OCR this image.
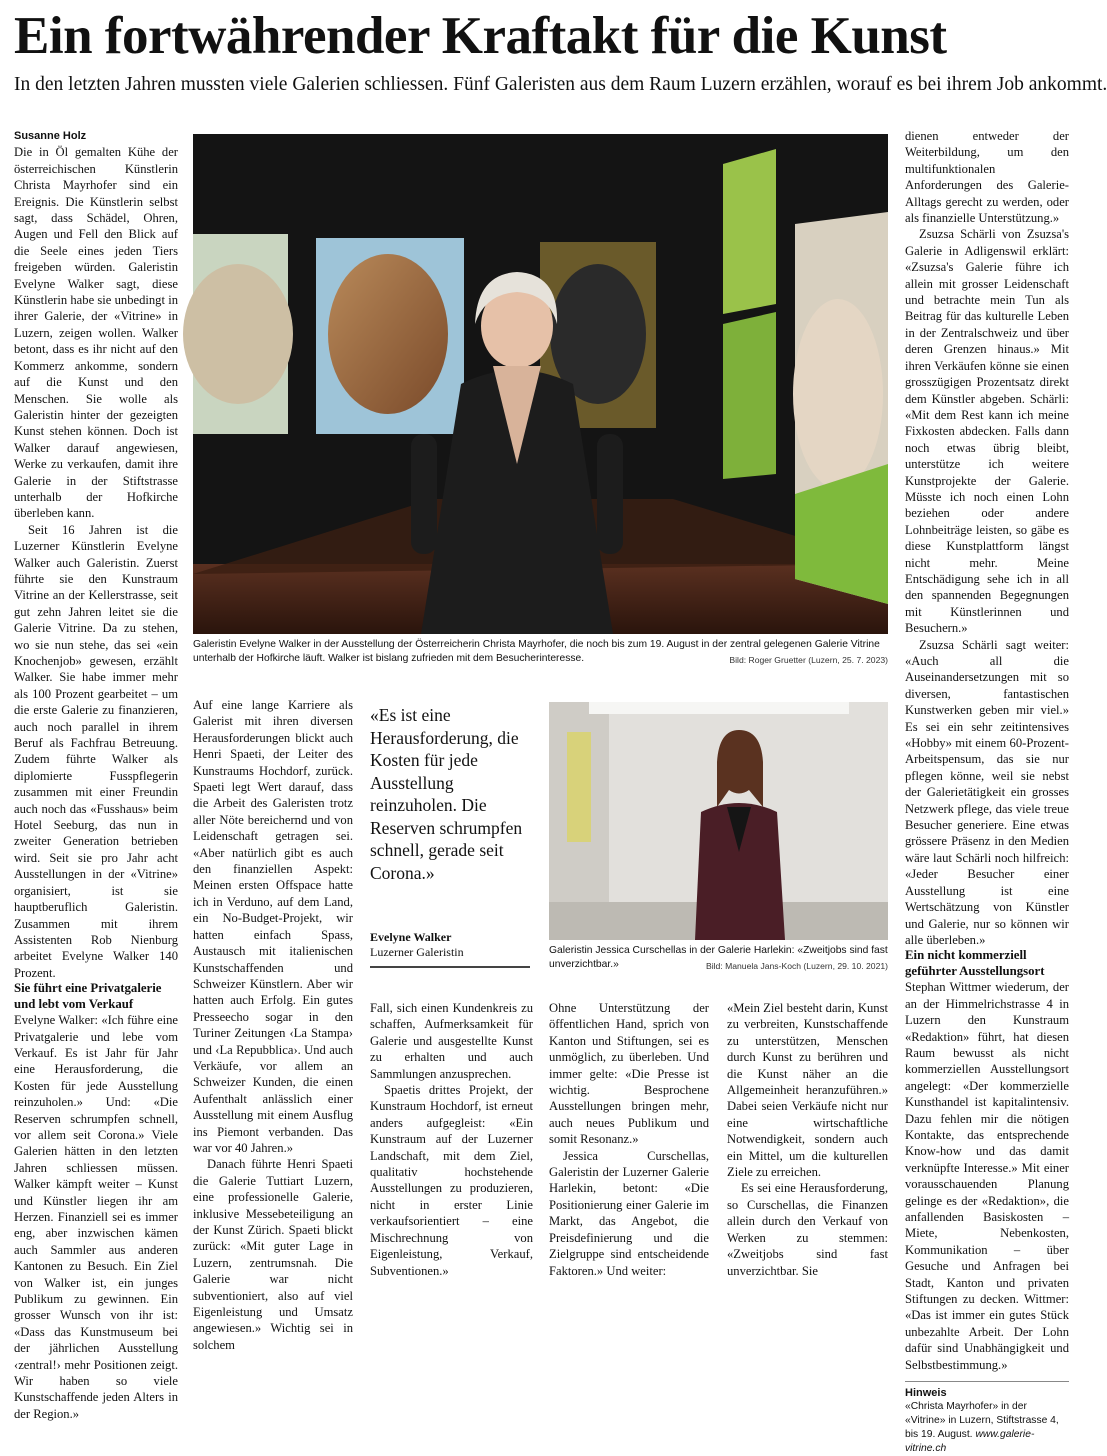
Ein fortwährender Kraftakt für die Kunst

In den letzten Jahren mussten viele Galerien schliessen. Fünf Galeristen aus dem Raum Luzern erzählen, worauf es bei ihrem Job ankommt.

Susanne Holz

Die in Öl gemalten Kühe der österreichischen Künstlerin Christa Mayrhofer sind ein Ereignis. Die Künstlerin selbst sagt, dass Schädel, Ohren, Augen und Fell den Blick auf die Seele eines jeden Tiers freigeben würden. Galeristin Evelyne Walker sagt, diese Künstlerin habe sie unbedingt in ihrer Galerie, der «Vitrine» in Luzern, zeigen wollen. Walker betont, dass es ihr nicht auf den Kommerz ankomme, sondern auf die Kunst und den Menschen. Sie wolle als Galeristin hinter der gezeigten Kunst stehen können. Doch ist Walker darauf angewiesen, Werke zu verkaufen, damit ihre Galerie in der Stiftstrasse unterhalb der Hofkirche überleben kann.

Seit 16 Jahren ist die Luzerner Künstlerin Evelyne Walker auch Galeristin. Zuerst führte sie den Kunstraum Vitrine an der Kellerstrasse, seit gut zehn Jahren leitet sie die Galerie Vitrine. Da zu stehen, wo sie nun stehe, das sei «ein Knochenjob» gewesen, erzählt Walker. Sie habe immer mehr als 100 Prozent gearbeitet – um die erste Galerie zu finanzieren, auch noch parallel in ihrem Beruf als Fachfrau Betreuung. Zudem führte Walker als diplomierte Fusspflegerin zusammen mit einer Freundin auch noch das «Fusshaus» beim Hotel Seeburg, das nun in zweiter Generation betrieben wird. Seit sie pro Jahr acht Ausstellungen in der «Vitrine» organisiert, ist sie hauptberuflich Galeristin. Zusammen mit ihrem Assistenten Rob Nienburg arbeitet Evelyne Walker 140 Prozent.

Sie führt eine Privatgalerie und lebt vom Verkauf

Evelyne Walker: «Ich führe eine Privatgalerie und lebe vom Verkauf. Es ist Jahr für Jahr eine Herausforderung, die Kosten für jede Ausstellung reinzuholen.» Und: «Die Reserven schrumpfen schnell, vor allem seit Corona.» Viele Galerien hätten in den letzten Jahren schliessen müssen. Walker kämpft weiter – Kunst und Künstler liegen ihr am Herzen. Finanziell sei es immer eng, aber inzwischen kämen auch Sammler aus anderen Kantonen zu Besuch. Ein Ziel von Walker ist, ein junges Publikum zu gewinnen. Ein grosser Wunsch von ihr ist: «Dass das Kunstmuseum bei der jährlichen Ausstellung ‹zentral!› mehr Positionen zeigt. Wir haben so viele Kunstschaffende jeden Alters in der Region.»

Galeristin Evelyne Walker in der Ausstellung der Österreicherin Christa Mayrhofer, die noch bis zum 19. August in der zentral gelegenen Galerie Vitrine unterhalb der Hofkirche läuft. Walker ist bislang zufrieden mit dem Besucherinteresse.	Bild: Roger Gruetter (Luzern, 25. 7. 2023)

Auf eine lange Karriere als Galerist mit ihren diversen Herausforderungen blickt auch Henri Spaeti, der Leiter des Kunstraums Hochdorf, zurück. Spaeti legt Wert darauf, dass die Arbeit des Galeristen trotz aller Nöte bereichernd und von Leidenschaft getragen sei. «Aber natürlich gibt es auch den finanziellen Aspekt: Meinen ersten Offspace hatte ich in Verduno, auf dem Land, ein No-Budget-Projekt, wir hatten einfach Spass, Austausch mit italienischen Kunstschaffenden und Schweizer Künstlern. Aber wir hatten auch Erfolg. Ein gutes Presseecho sogar in den Turiner Zeitungen ‹La Stampa› und ‹La Repubblica›. Und auch Verkäufe, vor allem an Schweizer Kunden, die einen Aufenthalt anlässlich einer Ausstellung mit einem Ausflug ins Piemont verbanden. Das war vor 40 Jahren.»

Danach führte Henri Spaeti die Galerie Tuttiart Luzern, eine professionelle Galerie, inklusive Messebeteiligung an der Kunst Zürich. Spaeti blickt zurück: «Mit guter Lage in Luzern, zentrumsnah. Die Galerie war nicht subventioniert, also auf viel Eigenleistung und Umsatz angewiesen.» Wichtig sei in solchem

«Es ist eine Herausforderung, die Kosten für jede Ausstellung reinzuholen. Die Reserven schrumpfen schnell, gerade seit Corona.»

Evelyne Walker
Luzerner Galeristin	Galeristin Jessica Curschellas in der Galerie Harlekin: «Zweitjobs sind fast unverzichtbar.»	Bild: Manuela Jans-Koch (Luzern, 29. 10. 2021)

Fall, sich einen Kundenkreis zu schaffen, Aufmerksamkeit für Galerie und ausgestellte Kunst zu erhalten und auch Sammlungen anzusprechen.

Spaetis drittes Projekt, der Kunstraum Hochdorf, ist erneut anders aufgegleist: «Ein Kunstraum auf der Luzerner Landschaft, mit dem Ziel, qualitativ hochstehende Ausstellungen zu produzieren, nicht in erster Linie verkaufsorientiert – eine Mischrechnung von Eigenleistung, Verkauf, Subventionen.»

Ohne Unterstützung der öffentlichen Hand, sprich von Kanton und Stiftungen, sei es unmöglich, zu überleben. Und immer gelte: «Die Presse ist wichtig. Besprochene Ausstellungen bringen mehr, auch neues Publikum und somit Resonanz.»

Jessica Curschellas, Galeristin der Luzerner Galerie Harlekin, betont: «Die Positionierung einer Galerie im Markt, das Angebot, die Preisdefinierung und die Zielgruppe sind entscheidende Faktoren.» Und weiter:

«Mein Ziel besteht darin, Kunst zu verbreiten, Kunstschaffende zu unterstützen, Menschen durch Kunst zu berühren und die Kunst näher an die Allgemeinheit heranzuführen.» Dabei seien Verkäufe nicht nur eine wirtschaftliche Notwendigkeit, sondern auch ein Mittel, um die kulturellen Ziele zu erreichen.

Es sei eine Herausforderung, so Curschellas, die Finanzen allein durch den Verkauf von Werken zu stemmen: «Zweitjobs sind fast unverzichtbar. Sie

dienen entweder der Weiterbildung, um den multifunktionalen Anforderungen des Galerie-Alltags gerecht zu werden, oder als finanzielle Unterstützung.»

Zsuzsa Schärli von Zsuzsa's Galerie in Adligenswil erklärt: «Zsuzsa's Galerie führe ich allein mit grosser Leidenschaft und betrachte mein Tun als Beitrag für das kulturelle Leben in der Zentralschweiz und über deren Grenzen hinaus.» Mit ihren Verkäufen könne sie einen grosszügigen Prozentsatz direkt dem Künstler abgeben. Schärli: «Mit dem Rest kann ich meine Fixkosten abdecken. Falls dann noch etwas übrig bleibt, unterstütze ich weitere Kunstprojekte der Galerie. Müsste ich noch einen Lohn beziehen oder andere Lohnbeiträge leisten, so gäbe es diese Kunstplattform längst nicht mehr. Meine Entschädigung sehe ich in all den spannenden Begegnungen mit Künstlerinnen und Besuchern.»

Zsuzsa Schärli sagt weiter: «Auch all die Auseinandersetzungen mit so diversen, fantastischen Kunstwerken geben mir viel.» Es sei ein sehr zeitintensives «Hobby» mit einem 60-Prozent-Arbeitspensum, das sie nur pflegen könne, weil sie nebst der Galerietätigkeit ein grosses Netzwerk pflege, das viele treue Besucher generiere. Eine etwas grössere Präsenz in den Medien wäre laut Schärli noch hilfreich: «Jeder Besucher einer Ausstellung ist eine Wertschätzung von Künstler und Galerie, nur so können wir alle überleben.»

Ein nicht kommerziell geführter Ausstellungsort

Stephan Wittmer wiederum, der an der Himmelrichstrasse 4 in Luzern den Kunstraum «Redaktion» führt, hat diesen Raum bewusst als nicht kommerziellen Ausstellungsort angelegt: «Der kommerzielle Kunsthandel ist kapitalintensiv. Dazu fehlen mir die nötigen Kontakte, das entsprechende Know-how und das damit verknüpfte Interesse.» Mit einer vorausschauenden Planung gelinge es der «Redaktion», die anfallenden Basiskosten – Miete, Nebenkosten, Kommunikation – über Gesuche und Anfragen bei Stadt, Kanton und privaten Stiftungen zu decken. Wittmer: «Das ist immer ein gutes Stück unbezahlte Arbeit. Der Lohn dafür sind Unabhängigkeit und Selbstbestimmung.»

Hinweis
«Christa Mayrhofer» in der «Vitrine» in Luzern, Stiftstrasse 4, bis 19. August. www.galerie-vitrine.ch
